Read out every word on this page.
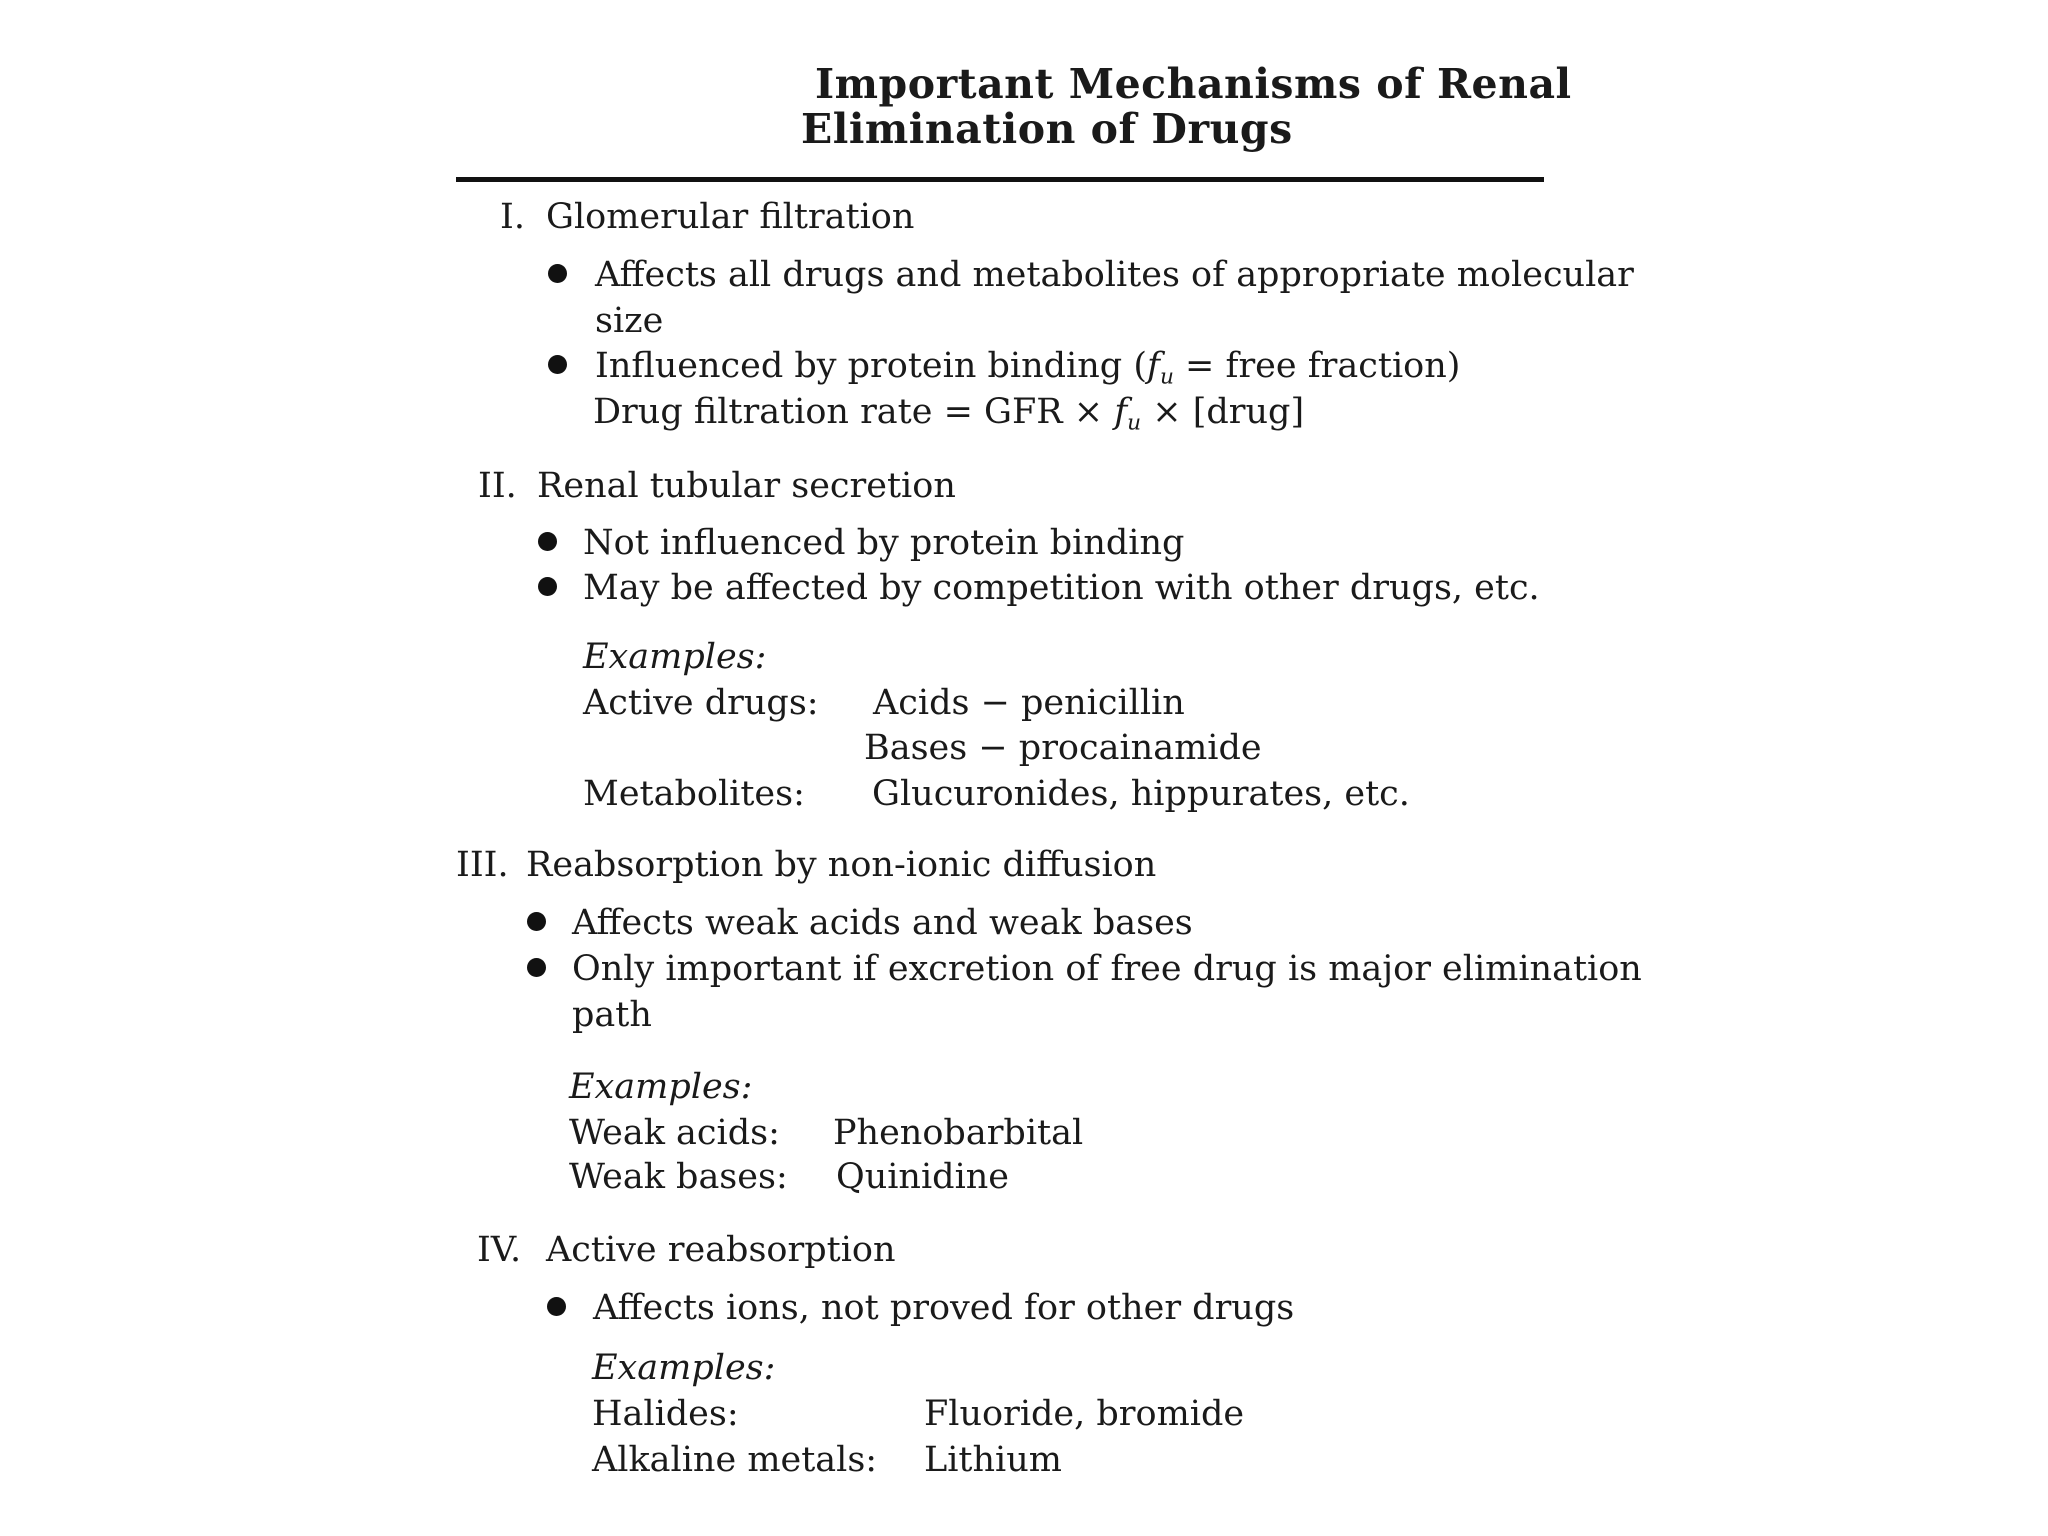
Important Mechanisms of Renal
Elimination of Drugs
I. Glomerular filtration
Affects all drugs and metabolites of appropriate molecular
size
Influenced by protein binding ($f_u$ = free fraction)
Drug filtration rate = GFR × $f_u$ × [drug]
II. Renal tubular secretion
Not influenced by protein binding
May be affected by competition with other drugs, etc.
Examples:
Active drugs: Acids − penicillin
Bases − procainamide
Metabolites: Glucuronides, hippurates, etc.
III. Reabsorption by non-ionic diffusion
Affects weak acids and weak bases
Only important if excretion of free drug is major elimination
path
Examples:
Weak acids: Phenobarbital
Weak bases: Quinidine
IV. Active reabsorption
Affects ions, not proved for other drugs
Examples:
Halides:	Fluoride, bromide
Alkaline metals: Lithium
